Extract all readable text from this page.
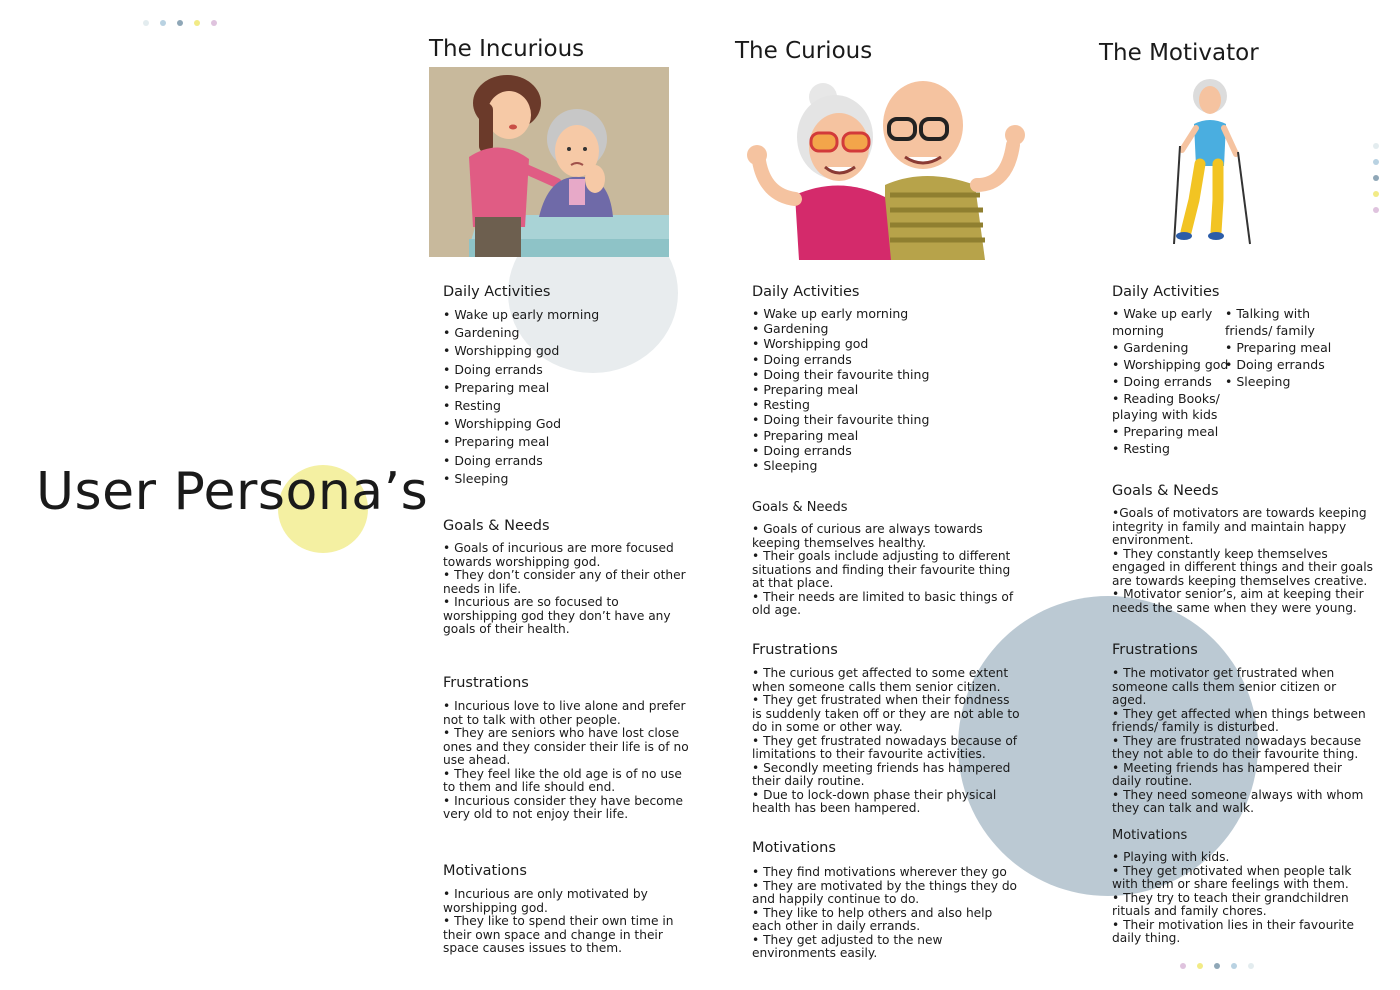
User Persona’s
The Incurious
Daily Activities
• Wake up early morning
• Gardening
• Worshipping god
• Doing errands
• Preparing meal
• Resting
• Worshipping God
• Preparing meal
• Doing errands
• Sleeping
Goals & Needs
• Goals of incurious are more focused towards worshipping god.
• They don’t consider any of their other needs in life.
• Incurious are so focused to worshipping god they don’t have any goals of their health.
Frustrations
• Incurious love to live alone and prefer not to talk with other people.
• They are seniors who have lost close ones and they consider their life is of no use ahead.
• They feel like the old age is of no use to them and life should end.
• Incurious consider they have become very old to not enjoy their life.
Motivations
• Incurious are only motivated by worshipping god.
• They like to spend their own time in their own space and change in their space causes issues to them.
The Curious
Daily Activities
• Wake up early morning
• Gardening
• Worshipping god
• Doing errands
• Doing their favourite thing
• Preparing meal
• Resting
• Doing their favourite thing
• Preparing meal
• Doing errands
• Sleeping
Goals & Needs
• Goals of curious are always towards keeping themselves healthy.
• Their goals include adjusting to different situations and finding their favourite thing at that place.
• Their needs are limited to basic things of old age.
Frustrations
• The curious get affected to some extent when someone calls them senior citizen.
• They get frustrated when their fondness is suddenly taken off or they are not able to do in some or other way.
• They get frustrated nowadays because of limitations to their favourite activities.
• Secondly meeting friends has hampered their daily routine.
• Due to lock-down phase their physical health has been hampered.
Motivations
• They find motivations wherever they go
• They are motivated by the things they do and happily continue to do.
• They like to help others and also help each other in daily errands.
• They get adjusted to the new environments easily.
The Motivator
Daily Activities
• Wake up early
morning
• Gardening
• Worshipping god
• Doing errands
• Reading Books/
playing with kids
• Preparing meal
• Resting
• Talking with
friends/ family
• Preparing meal
• Doing errands
• Sleeping
Goals & Needs
•Goals of motivators are towards keeping integrity in family and maintain happy environment.
• They constantly keep themselves engaged in different things and their goals are towards keeping themselves creative.
• Motivator senior’s, aim at keeping their needs the same when they were young.
Frustrations
• The motivator get frustrated when someone calls them senior citizen or aged.
• They get affected when things between friends/ family is disturbed.
• They are frustrated nowadays because they not able to do their favourite thing.
• Meeting friends has hampered their daily routine.
• They need someone always with whom they can talk and walk.
Motivations
• Playing with kids.
• They get motivated when people talk with them or share feelings with them.
• They try to teach their grandchildren rituals and family chores.
• Their motivation lies in their favourite daily thing.
